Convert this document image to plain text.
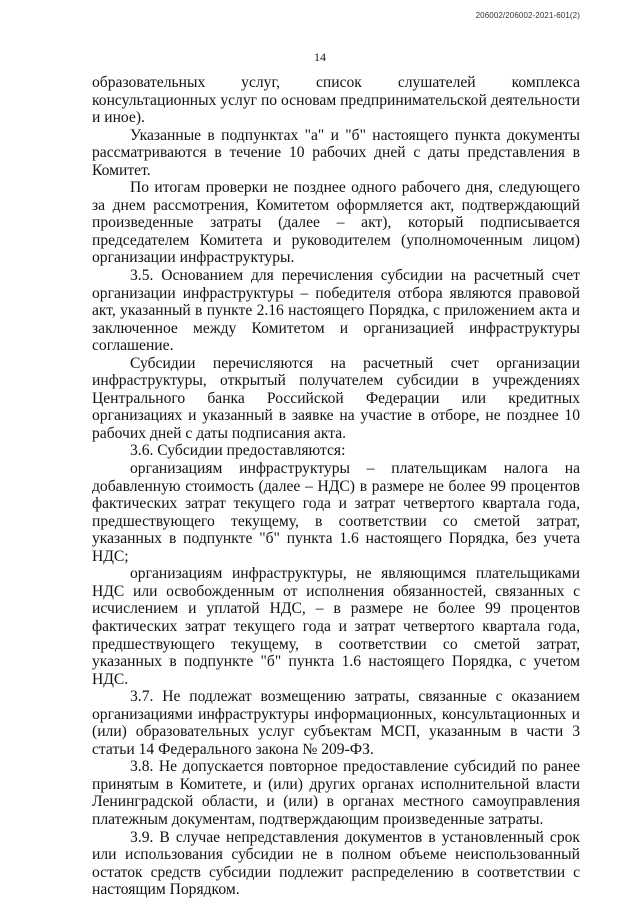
206002/206002-2021-601(2)
14

образовательных услуг, список слушателей комплекса консультационных услуг по основам предпринимательской деятельности и иное).

Указанные в подпунктах "а" и "б" настоящего пункта документы рассматриваются в течение 10 рабочих дней с даты представления в Комитет.

По итогам проверки не позднее одного рабочего дня, следующего за днем рассмотрения, Комитетом оформляется акт, подтверждающий произведенные затраты (далее – акт), который подписывается председателем Комитета и руководителем (уполномоченным лицом) организации инфраструктуры.

3.5. Основанием для перечисления субсидии на расчетный счет организации инфраструктуры – победителя отбора являются правовой акт, указанный в пункте 2.16 настоящего Порядка, с приложением акта и заключенное между Комитетом и организацией инфраструктуры соглашение.

Субсидии перечисляются на расчетный счет организации инфраструктуры, открытый получателем субсидии в учреждениях Центрального банка Российской Федерации или кредитных организациях и указанный в заявке на участие в отборе, не позднее 10 рабочих дней с даты подписания акта.

3.6. Субсидии предоставляются:

организациям инфраструктуры – плательщикам налога на добавленную стоимость (далее – НДС) в размере не более 99 процентов фактических затрат текущего года и затрат четвертого квартала года, предшествующего текущему, в соответствии со сметой затрат, указанных в подпункте "б" пункта 1.6 настоящего Порядка, без учета НДС;

организациям инфраструктуры, не являющимся плательщиками НДС или освобожденным от исполнения обязанностей, связанных с исчислением и уплатой НДС, – в размере не более 99 процентов фактических затрат текущего года и затрат четвертого квартала года, предшествующего текущему, в соответствии со сметой затрат, указанных в подпункте "б" пункта 1.6 настоящего Порядка, с учетом НДС.

3.7. Не подлежат возмещению затраты, связанные с оказанием организациями инфраструктуры информационных, консультационных и (или) образовательных услуг субъектам МСП, указанным в части 3 статьи 14 Федерального закона № 209-ФЗ.

3.8. Не допускается повторное предоставление субсидий по ранее принятым в Комитете, и (или) других органах исполнительной власти Ленинградской области, и (или) в органах местного самоуправления платежным документам, подтверждающим произведенные затраты.

3.9. В случае непредставления документов в установленный срок или использования субсидии не в полном объеме неиспользованный остаток средств субсидии подлежит распределению в соответствии с настоящим Порядком.
